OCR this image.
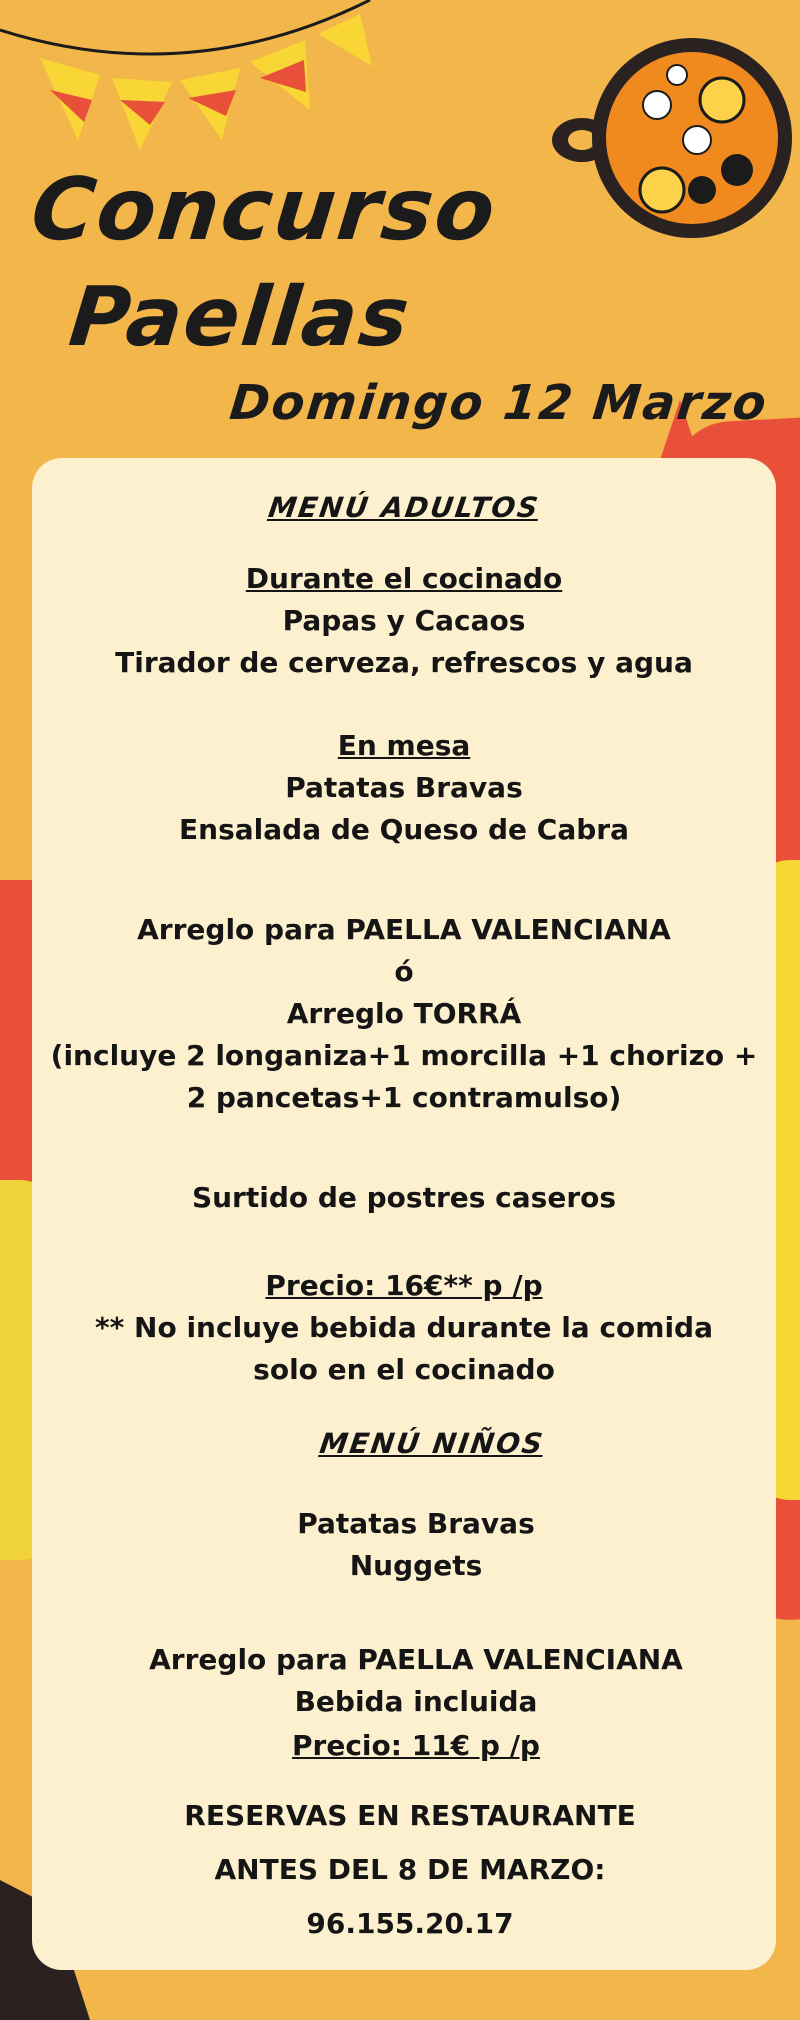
Concurso
Paellas
Domingo 12 Marzo

MENÚ ADULTOS

Durante el cocinado

Papas y Cacaos

Tirador de cerveza, refrescos y agua

En mesa

Patatas Bravas

Ensalada de Queso de Cabra

Arreglo para PAELLA VALENCIANA

ó

Arreglo TORRÁ

(incluye 2 longaniza+1 morcilla +1 chorizo +

2 pancetas+1 contramulso)

Surtido de postres caseros

Precio: 16€** p /p

** No incluye bebida durante la comida

solo en el cocinado

MENÚ NIÑOS

Patatas Bravas

Nuggets

Arreglo para PAELLA VALENCIANA

Bebida incluida

Precio: 11€ p /p

RESERVAS EN RESTAURANTE

ANTES DEL 8 DE MARZO:

96.155.20.17
